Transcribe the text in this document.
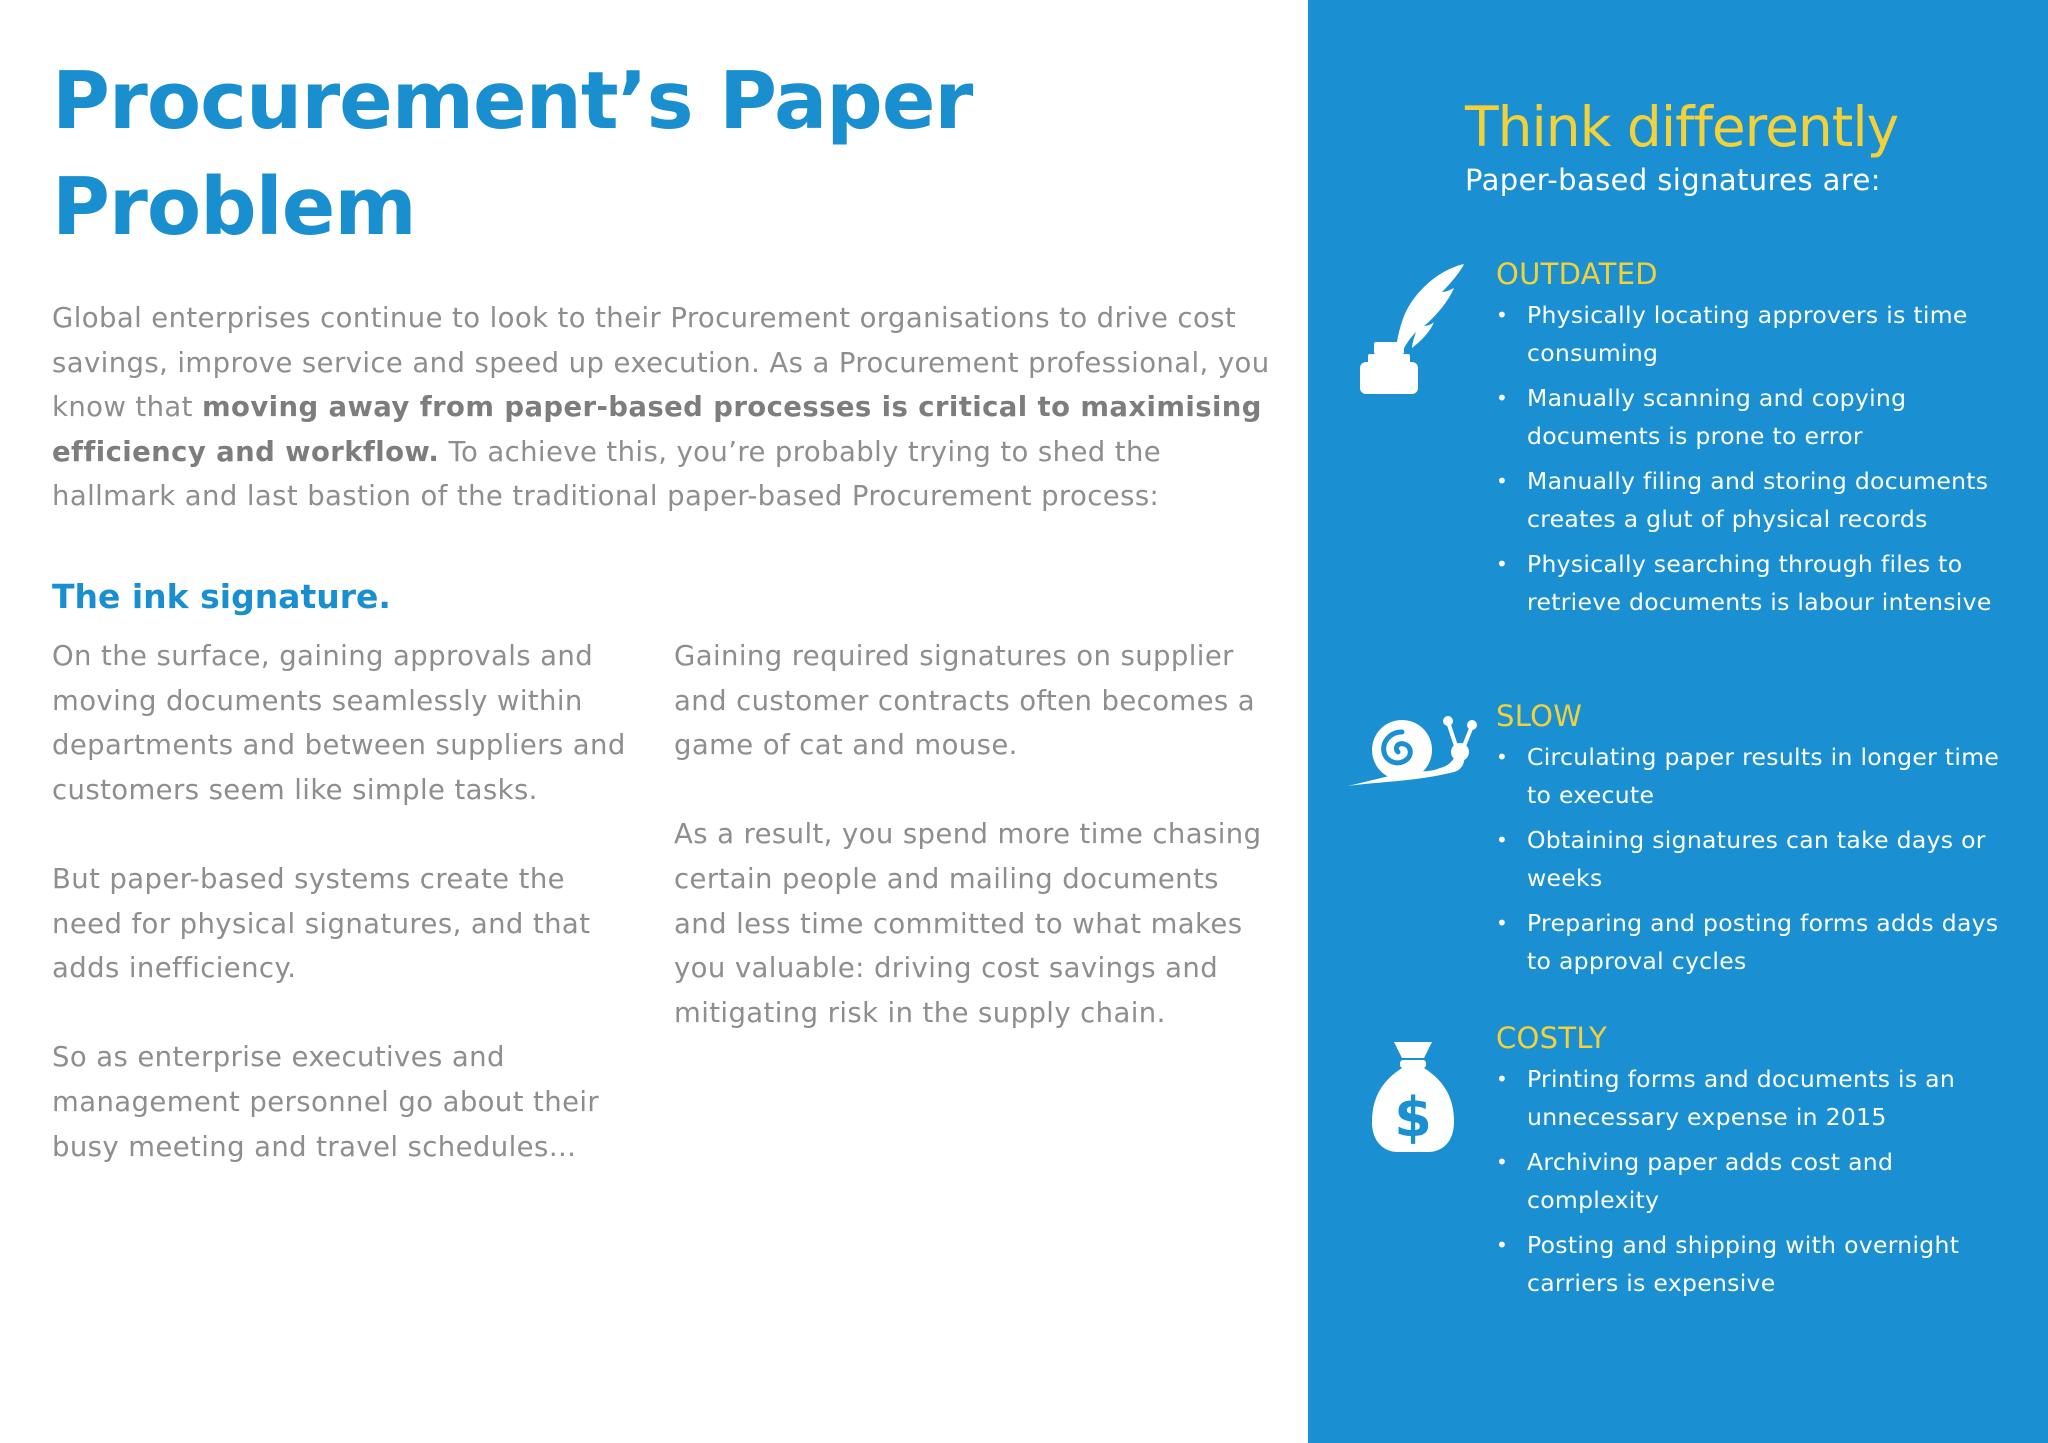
Procurement’s Paper Problem

Global enterprises continue to look to their Procurement organisations to drive cost savings, improve service and speed up execution. As a Procurement professional, you know that moving away from paper-based processes is critical to maximising efficiency and workflow. To achieve this, you’re probably trying to shed the hallmark and last bastion of the traditional paper-based Procurement process:

The ink signature.

On the surface, gaining approvals and moving documents seamlessly within departments and between suppliers and customers seem like simple tasks.

But paper-based systems create the need for physical signatures, and that adds inefficiency.

So as enterprise executives and management personnel go about their busy meeting and travel schedules…

Gaining required signatures on supplier and customer contracts often becomes a game of cat and mouse.

As a result, you spend more time chasing certain people and mailing documents and less time committed to what makes you valuable: driving cost savings and mitigating risk in the supply chain.

Think differently

Paper-based signatures are:

$
OUTDATED
• Physically locating approvers is time consuming
• Manually scanning and copying documents is prone to error
• Manually filing and storing documents creates a glut of physical records
• Physically searching through files to retrieve documents is labour intensive
SLOW
• Circulating paper results in longer time to execute
• Obtaining signatures can take days or weeks
• Preparing and posting forms adds days to approval cycles
COSTLY
• Printing forms and documents is an unnecessary expense in 2015
• Archiving paper adds cost and complexity
• Posting and shipping with overnight carriers is expensive
